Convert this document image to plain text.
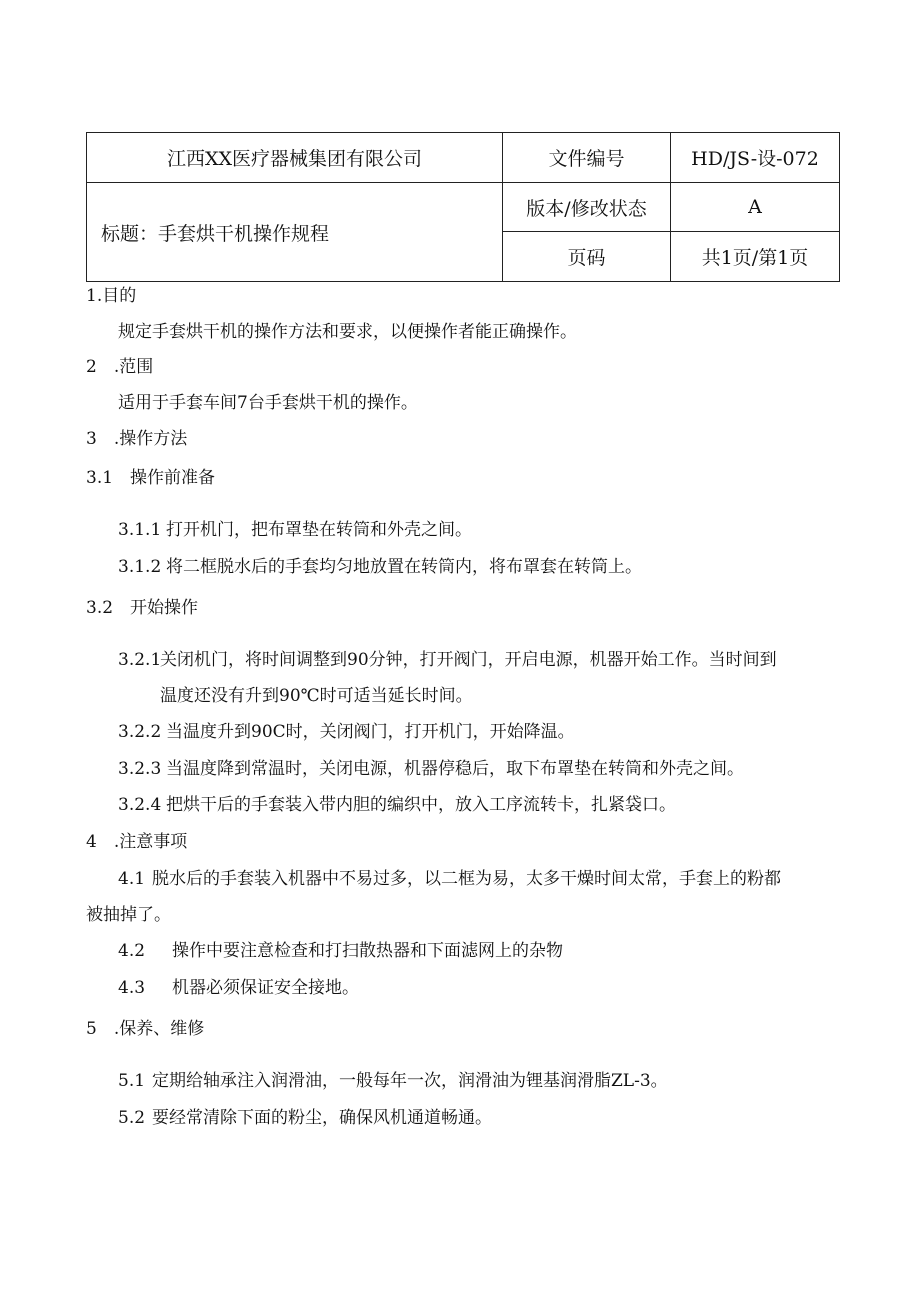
江西XX医疗器械集团有限公司	文件编号	HD/JS-设-072
标题：手套烘干机操作规程	版本/修改状态	A
	页码	共1页/第1页
1.目的
规定手套烘干机的操作方法和要求，以便操作者能正确操作。
2　.范围
适用于手套车间7台手套烘干机的操作。
3　.操作方法
3.1　操作前准备
3.1.1 打开机门，把布罩垫在转筒和外壳之间。
3.1.2 将二框脱水后的手套均匀地放置在转筒内，将布罩套在转筒上。
3.2　开始操作
3.2.1关闭机门，将时间调整到90分钟，打开阀门，开启电源，机器开始工作。当时间到
温度还没有升到90℃时可适当延长时间。
3.2.2 当温度升到90C时，关闭阀门，打开机门，开始降温。
3.2.3 当温度降到常温时，关闭电源，机器停稳后，取下布罩垫在转筒和外壳之间。
3.2.4 把烘干后的手套装入带内胆的编织中，放入工序流转卡，扎紧袋口。
4　.注意事项
4.1 脱水后的手套装入机器中不易过多，以二框为易，太多干燥时间太常，手套上的粉都
被抽掉了。
4.2 操作中要注意检查和打扫散热器和下面滤网上的杂物
4.3 机器必须保证安全接地。
5　.保养、维修
5.1 定期给轴承注入润滑油，一般每年一次，润滑油为锂基润滑脂ZL-3。
5.2 要经常清除下面的粉尘，确保风机通道畅通。
